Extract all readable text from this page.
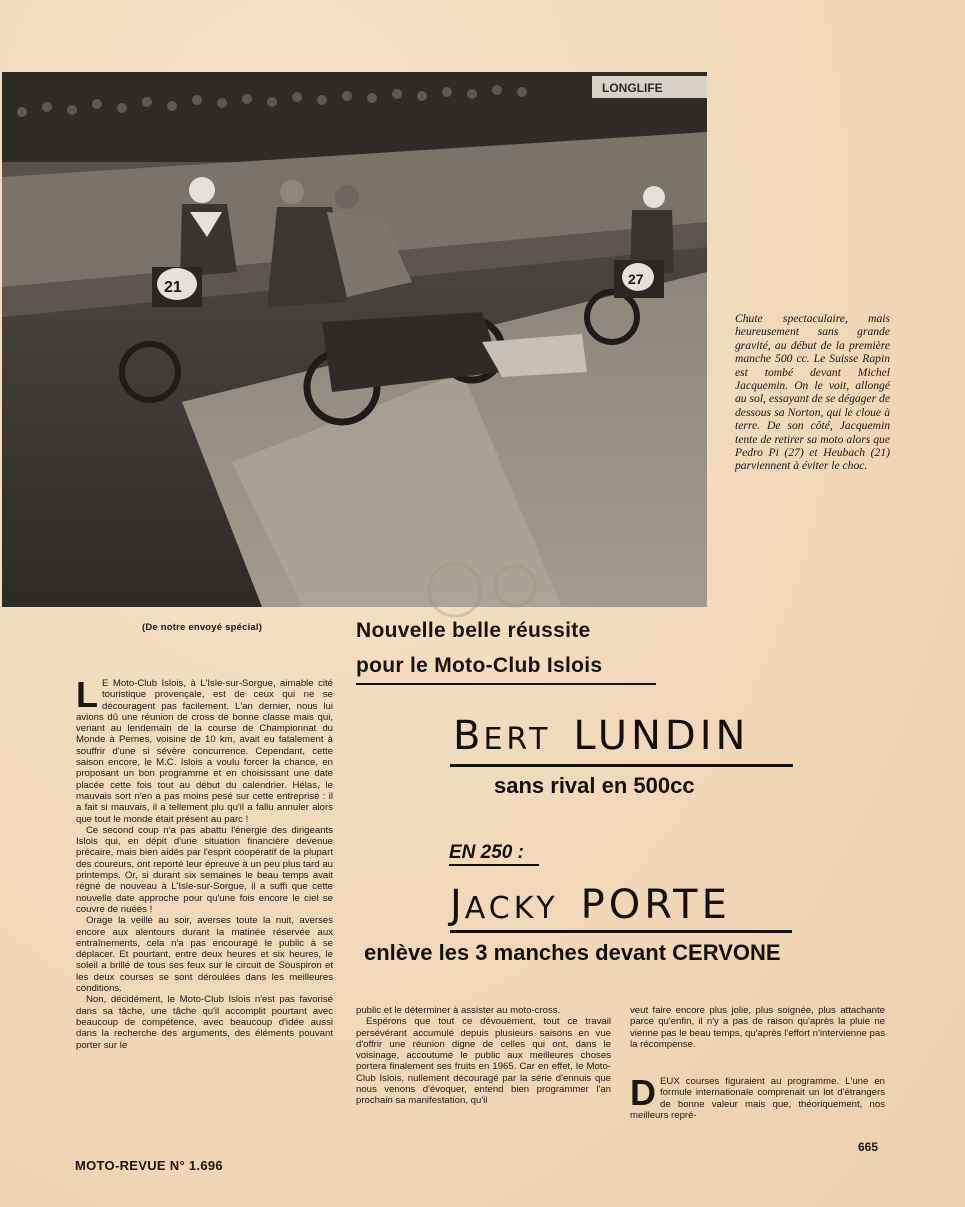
LONGLIFE
21	27

Chute spectaculaire, mais heureusement sans grande gravité, au début de la première manche 500 cc. Le Suisse Rapin est tombé devant Michel Jacquemin. On le voit, allongé au sol, essayant de se dégager de dessous sa Norton, qui le cloue à terre. De son côté, Jacquemin tente de retirer sa moto alors que Pedro Pi (27) et Heubach (21) parviennent à éviter le choc.

(De notre envoyé spécial)	Nouvelle belle réussite
pour le Moto-Club Islois
BERT LUNDIN
sans rival en 500cc
EN 250 :
JACKY PORTE
enlève les 3 manches devant CERVONE

L E Moto-Club Islois, à L'Isle-sur-Sorgue, aimable cité touristique provençale, est de ceux qui ne se découragent pas facilement. L'an dernier, nous lui avions dû une réunion de cross de bonne classe mais qui, venant au lendemain de la course de Championnat du Monde à Pernes, voisine de 10 km, avait eu fatalement à souffrir d'une si sévère concurrence. Cependant, cette saison encore, le M.C. Islois a voulu forcer la chance, en proposant un bon programme et en choisissant une date placée cette fois tout au début du calendrier. Hélas, le mauvais sort n'en a pas moins pesé sur cette entreprise : il a fait si mauvais, il a tellement plu qu'il a fallu annuler alors que tout le monde était présent au parc !

Ce second coup n'a pas abattu l'énergie des dirigeants Islois qui, en dépit d'une situation financière devenue précaire, mais bien aidés par l'esprit coopératif de la plupart des coureurs, ont reporté leur épreuve à un peu plus tard au printemps. Or, si durant six semaines le beau temps avait régné de nouveau à L'Isle-sur-Sorgue, il a suffi que cette nouvelle date approche pour qu'une fois encore le ciel se couvre de nuées !

Orage la veille au soir, averses toute la nuit, averses encore aux alentours durant la matinée réservée aux entraînements, cela n'a pas encouragé le public à se déplacer. Et pourtant, entre deux heures et six heures, le soleil a brillé de tous ses feux sur le circuit de Souspiron et les deux courses se sont déroulées dans les meilleures conditions.

Non, décidément, le Moto-Club Islois n'est pas favorisé dans sa tâche, une tâche qu'il accomplit pourtant avec beaucoup de compétence, avec beaucoup d'idée aussi dans la recherche des arguments, des éléments pouvant porter sur le

public et le déterminer à assister au moto-cross.

Espérons que tout ce dévouement, tout ce travail persévérant accumulé depuis plusieurs saisons en vue d'offrir une réunion digne de celles qui ont, dans le voisinage, accoutumé le public aux meilleures choses portera finalement ses fruits en 1965. Car en effet, le Moto-Club Islois, nullement découragé par la série d'ennuis que nous venons d'évoquer, entend bien programmer l'an prochain sa manifestation, qu'il

veut faire encore plus jolie, plus soignée, plus attachante parce qu'enfin, il n'y a pas de raison qu'après la pluie ne vienne pas le beau temps, qu'après l'effort n'intervienne pas la récompense.

DEUX courses figuraient au programme. L'une en formule internationale comprenait un lot d'étrangers de bonne valeur mais que, théoriquement, nos meilleurs repré-

MOTO-REVUE N° 1.696
665
